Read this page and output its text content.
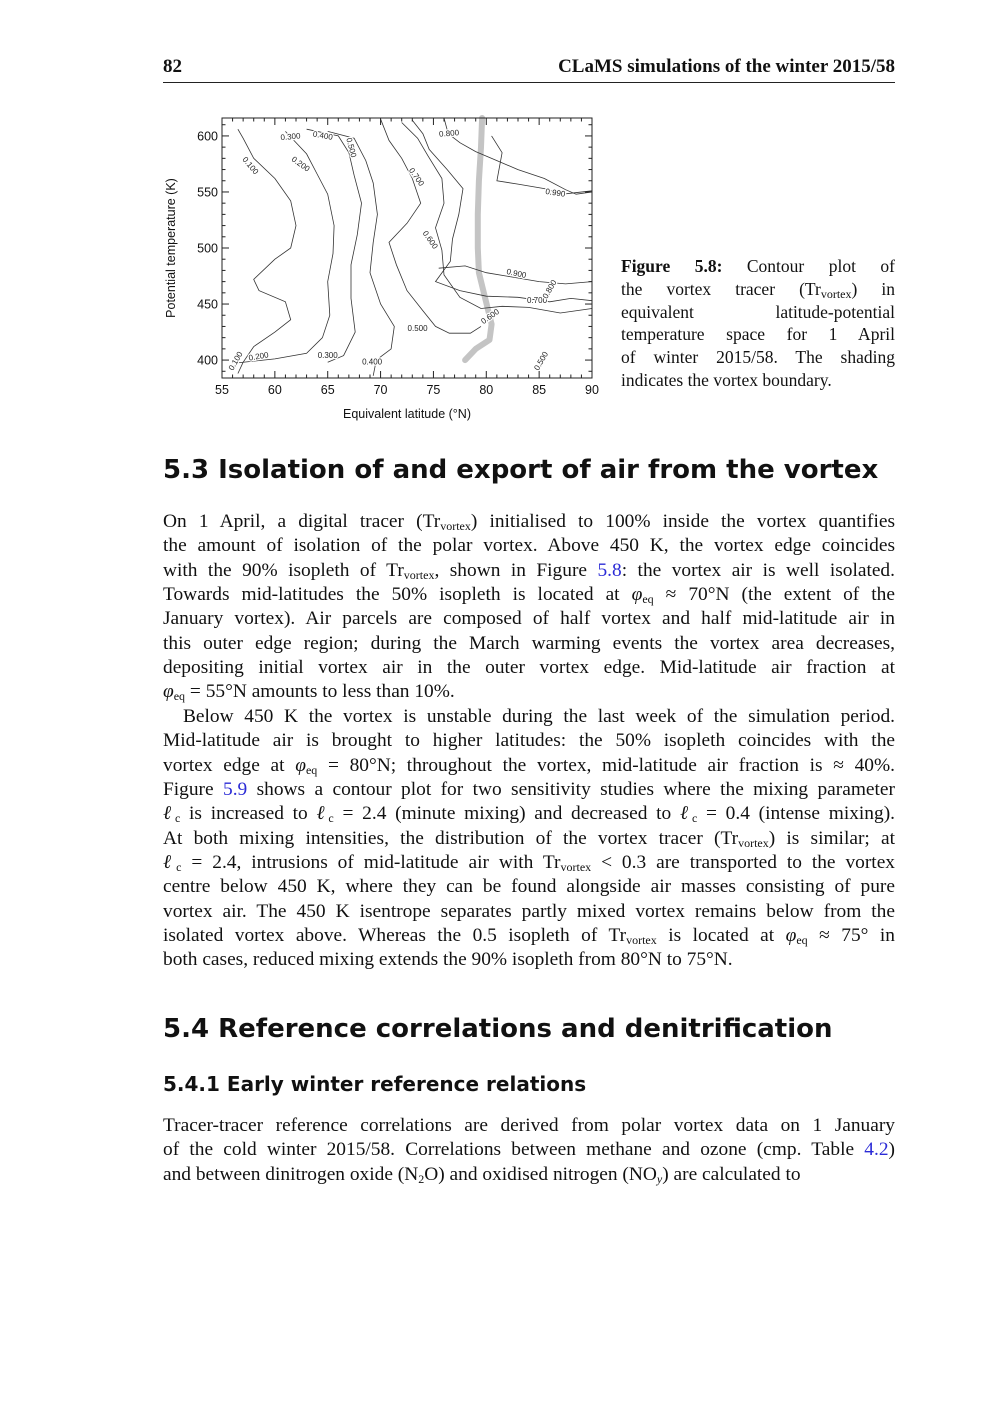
82	CLaMS simulations of the winter 2015/58
0.100	0.200
0.300 0.400
0.500
0.700
0.600
0.800
0.990
0.900
0.700
0.800
0.600
0.500
0.100 0.200	0.300
0.400	0.500
55	60	65	70	75	80	85	90
400
450
500
550
600
Equivalent latitude (°N)
Potential temperature (K)	Figure 5.8: Contour plot of
the vortex tracer $(Tr_{vortex})$ in
equivalent latitude-potential
temperature space for 1 April
of winter 2015/58. The shading
indicates the vortex boundary.
5.3 Isolation of and export of air from the vortex
On 1 April, a digital tracer $(Tr_{vortex})$ initialised to 100% inside the vortex quantifies
the amount of isolation of the polar vortex. Above 450 K, the vortex edge coincides
with the 90% isopleth of $Tr_{vortex}$, shown in Figure 5.8: the vortex air is well isolated.
Towards mid-latitudes the 50% isopleth is located at $\varphi_{eq} \approx 70^\circ N$ (the extent of the
January vortex). Air parcels are composed of half vortex and half mid-latitude air in
this outer edge region; during the March warming events the vortex area decreases,
depositing initial vortex air in the outer vortex edge. Mid-latitude air fraction at
$\varphi_{eq} = 55^\circ N$ amounts to less than 10%.
Below 450 K the vortex is unstable during the last week of the simulation period.
Mid-latitude air is brought to higher latitudes: the 50% isopleth coincides with the
vortex edge at $\varphi_{eq} = 80^\circ N$; throughout the vortex, mid-latitude air fraction is ≈ 40%.
Figure 5.9 shows a contour plot for two sensitivity studies where the mixing parameter
ℓ$_c$ is increased to ℓ$_c$ = 2.4 (minute mixing) and decreased to ℓ$_c$ = 0.4 (intense mixing).
At both mixing intensities, the distribution of the vortex tracer $(Tr_{vortex})$ is similar; at
ℓ$_c$ = 2.4, intrusions of mid-latitude air with $Tr_{vortex} < 0.3$ are transported to the vortex
centre below 450 K, where they can be found alongside air masses consisting of pure
vortex air. The 450 K isentrope separates partly mixed vortex remains below from the
isolated vortex above. Whereas the 0.5 isopleth of $Tr_{vortex}$ is located at $\varphi_{eq} \approx 75^\circ$ in
both cases, reduced mixing extends the 90% isopleth from 80°N to 75°N.
5.4 Reference correlations and denitrification
5.4.1 Early winter reference relations
Tracer-tracer reference correlations are derived from polar vortex data on 1 January
of the cold winter 2015/58. Correlations between methane and ozone (cmp. Table 4.2)
and between dinitrogen oxide $(N_2O)$ and oxidised nitrogen $(NO_y)$ are calculated to
